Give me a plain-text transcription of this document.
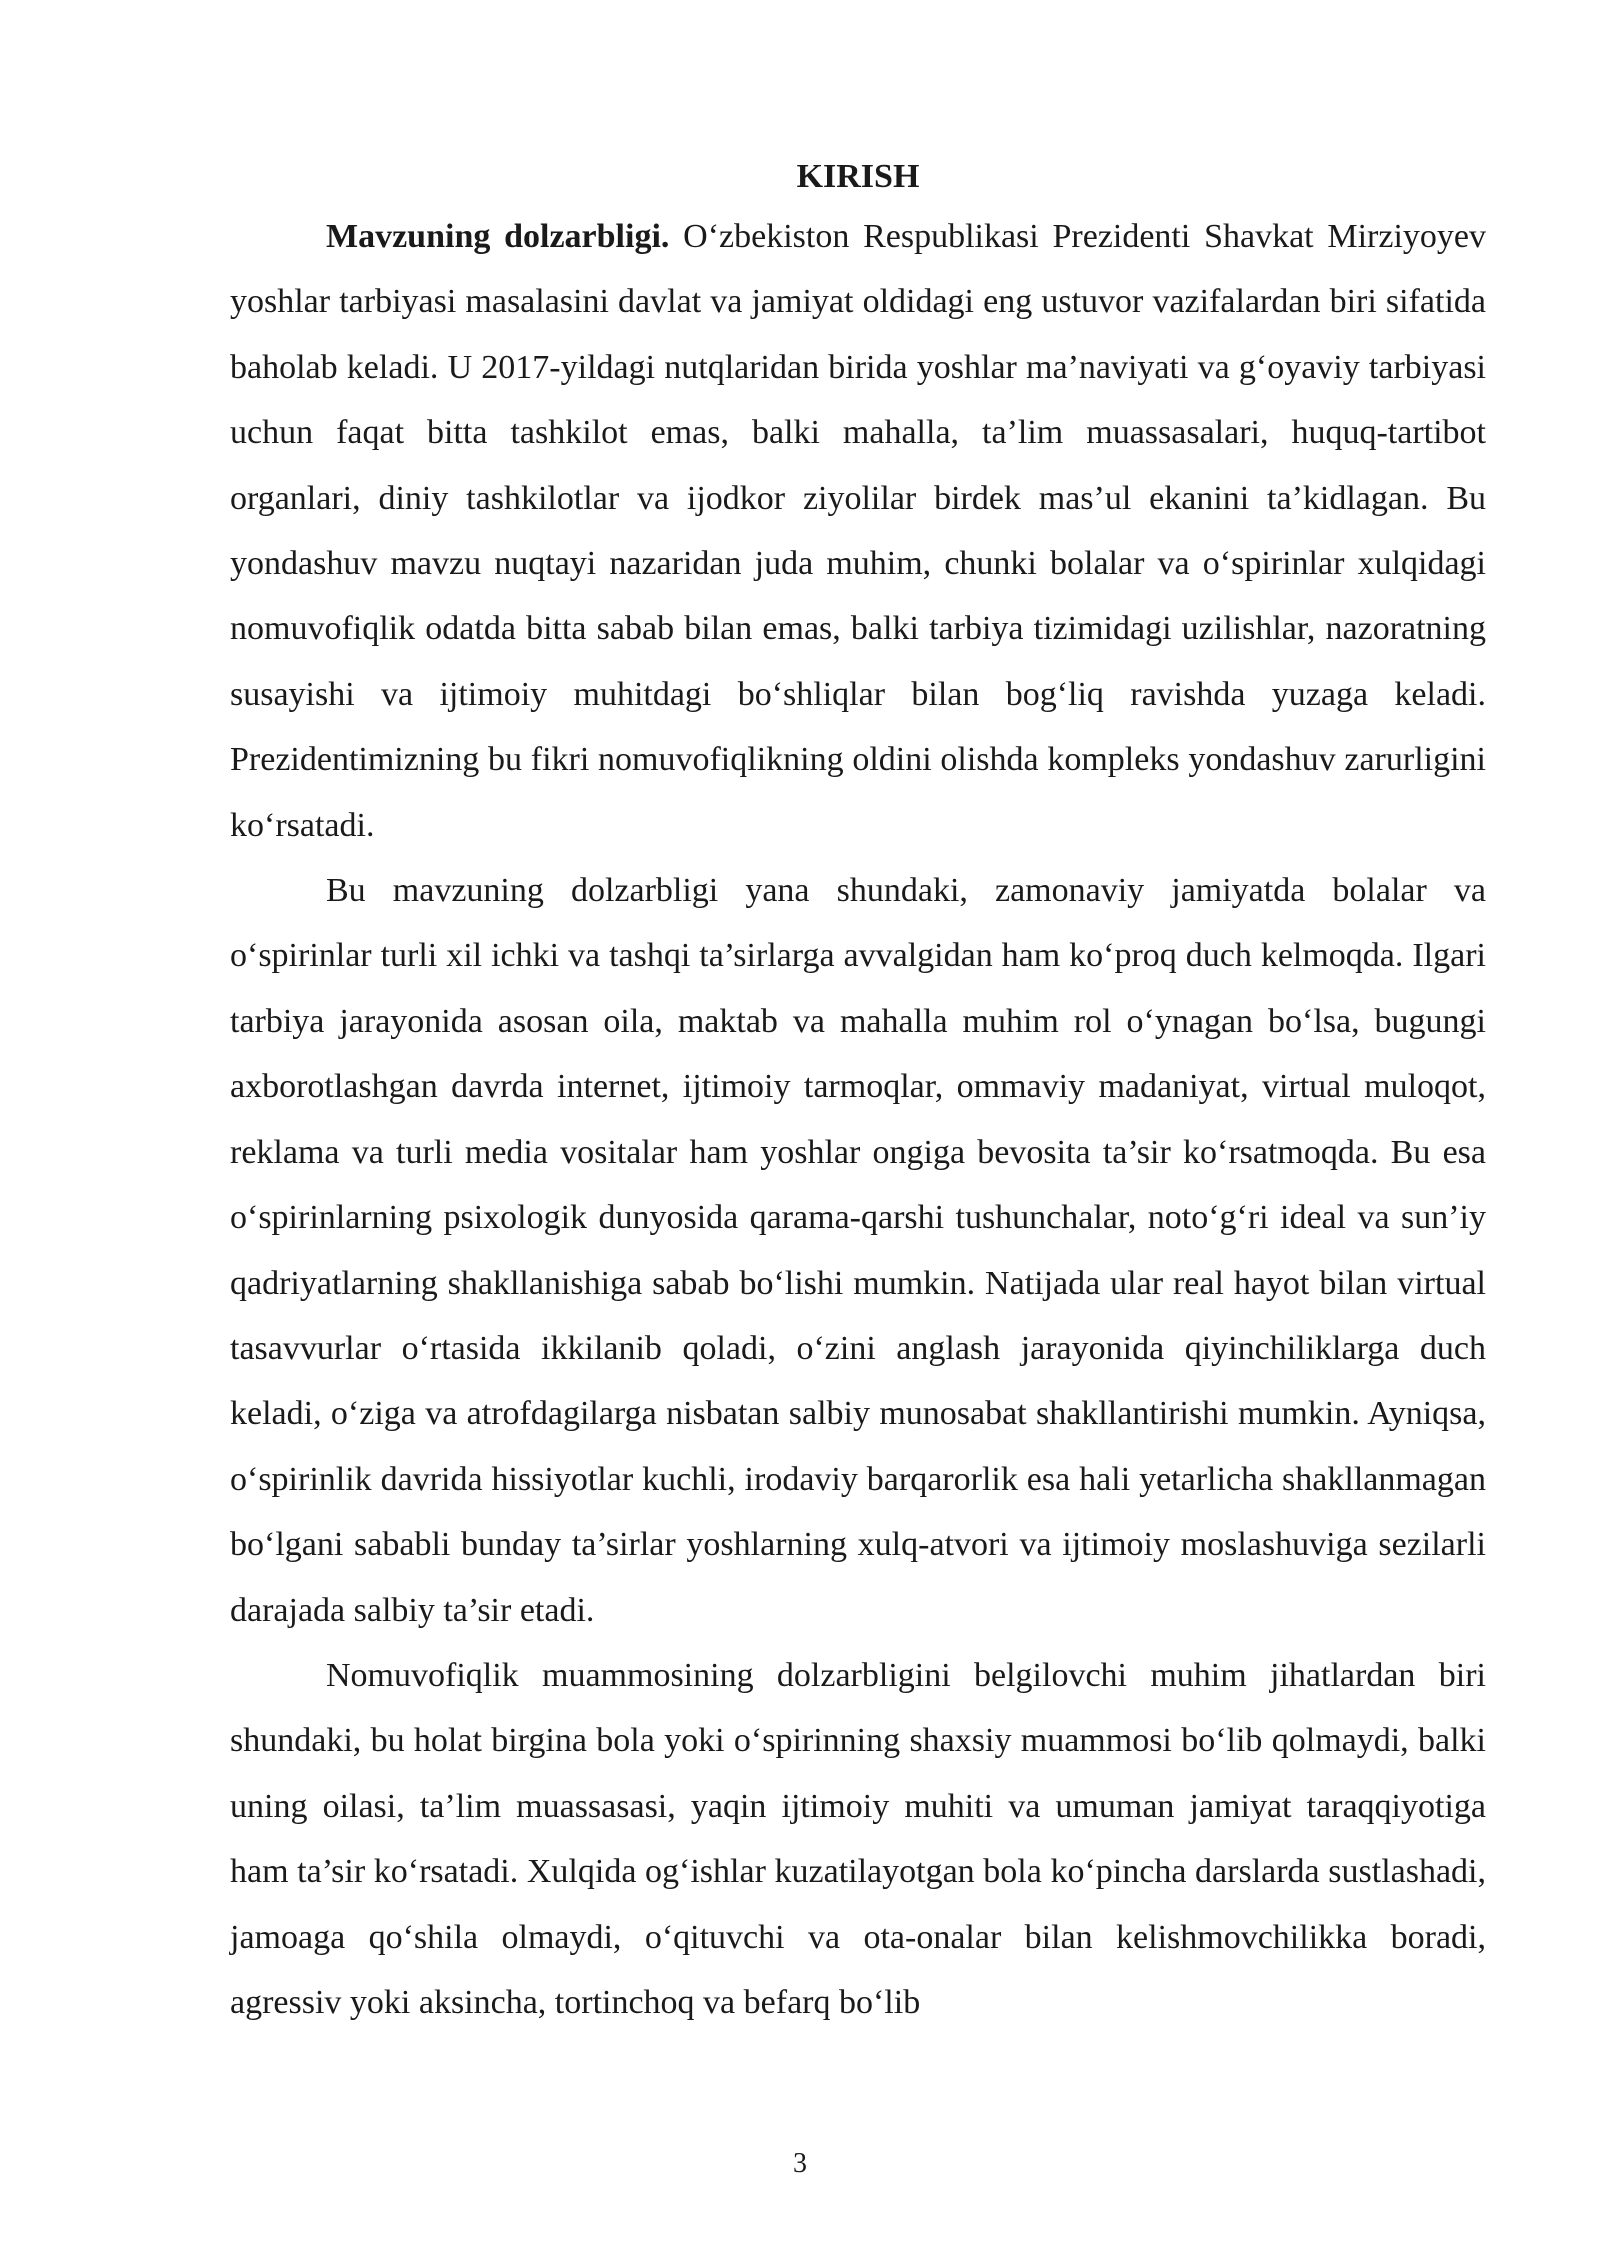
KIRISH

Mavzuning dolzarbligi. O‘zbekiston Respublikasi Prezidenti Shavkat Mirziyoyev yoshlar tarbiyasi masalasini davlat va jamiyat oldidagi eng ustuvor vazifalardan biri sifatida baholab keladi. U 2017-yildagi nutqlaridan birida yoshlar ma’naviyati va g‘oyaviy tarbiyasi uchun faqat bitta tashkilot emas, balki mahalla, ta’lim muassasalari, huquq-tartibot organlari, diniy tashkilotlar va ijodkor ziyolilar birdek mas’ul ekanini ta’kidlagan. Bu yondashuv mavzu nuqtayi nazaridan juda muhim, chunki bolalar va o‘spirinlar xulqidagi nomuvofiqlik odatda bitta sabab bilan emas, balki tarbiya tizimidagi uzilishlar, nazoratning susayishi va ijtimoiy muhitdagi bo‘shliqlar bilan bog‘liq ravishda yuzaga keladi. Prezidentimizning bu fikri nomuvofiqlikning oldini olishda kompleks yondashuv zarurligini ko‘rsatadi.

Bu mavzuning dolzarbligi yana shundaki, zamonaviy jamiyatda bolalar va o‘spirinlar turli xil ichki va tashqi ta’sirlarga avvalgidan ham ko‘proq duch kelmoqda. Ilgari tarbiya jarayonida asosan oila, maktab va mahalla muhim rol o‘ynagan bo‘lsa, bugungi axborotlashgan davrda internet, ijtimoiy tarmoqlar, ommaviy madaniyat, virtual muloqot, reklama va turli media vositalar ham yoshlar ongiga bevosita ta’sir ko‘rsatmoqda. Bu esa o‘spirinlarning psixologik dunyosida qarama-qarshi tushunchalar, noto‘g‘ri ideal va sun’iy qadriyatlarning shakllanishiga sabab bo‘lishi mumkin. Natijada ular real hayot bilan virtual tasavvurlar o‘rtasida ikkilanib qoladi, o‘zini anglash jarayonida qiyinchiliklarga duch keladi, o‘ziga va atrofdagilarga nisbatan salbiy munosabat shakllantirishi mumkin. Ayniqsa, o‘spirinlik davrida hissiyotlar kuchli, irodaviy barqarorlik esa hali yetarlicha shakllanmagan bo‘lgani sababli bunday ta’sirlar yoshlarning xulq-atvori va ijtimoiy moslashuviga sezilarli darajada salbiy ta’sir etadi.

Nomuvofiqlik muammosining dolzarbligini belgilovchi muhim jihatlardan biri shundaki, bu holat birgina bola yoki o‘spirinning shaxsiy muammosi bo‘lib qolmaydi, balki uning oilasi, ta’lim muassasasi, yaqin ijtimoiy muhiti va umuman jamiyat taraqqiyotiga ham ta’sir ko‘rsatadi. Xulqida og‘ishlar kuzatilayotgan bola ko‘pincha darslarda sustlashadi, jamoaga qo‘shila olmaydi, o‘qituvchi va ota-onalar bilan kelishmovchilikka boradi, agressiv yoki aksincha, tortinchoq va befarq bo‘lib

3
